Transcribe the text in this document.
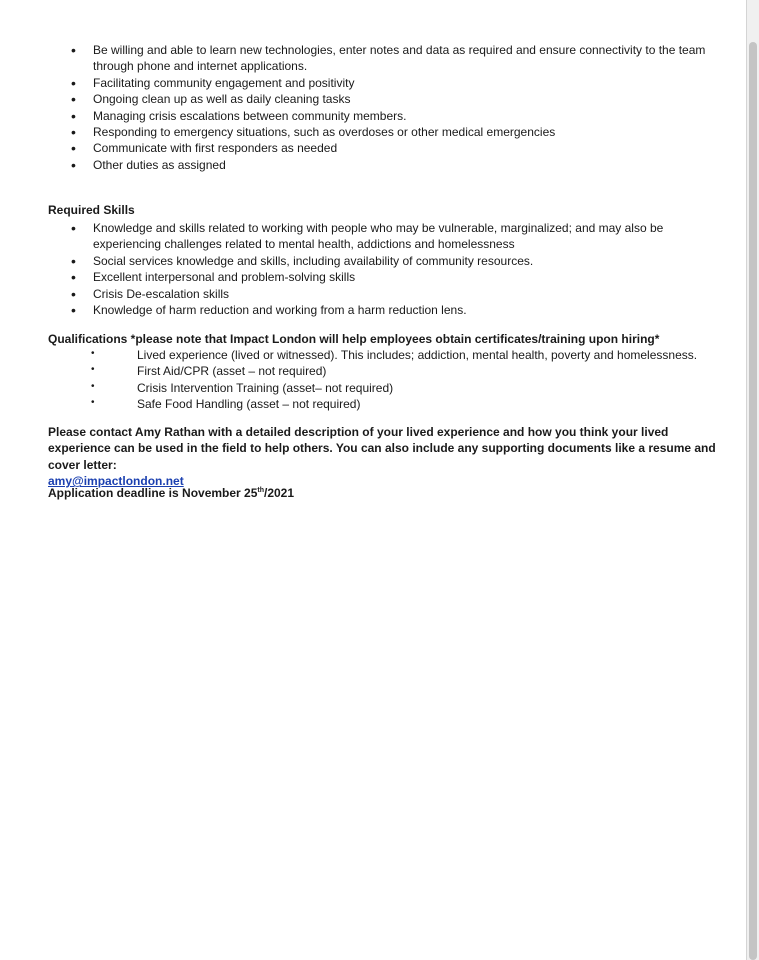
• Be willing and able to learn new technologies, enter notes and data as required and ensure connectivity to the team through phone and internet applications.
• Facilitating community engagement and positivity
• Ongoing clean up as well as daily cleaning tasks
• Managing crisis escalations between community members.
• Responding to emergency situations, such as overdoses or other medical emergencies
• Communicate with first responders as needed
• Other duties as assigned
Required Skills
• Knowledge and skills related to working with people who may be vulnerable, marginalized; and may also be experiencing challenges related to mental health, addictions and homelessness
• Social services knowledge and skills, including availability of community resources.
• Excellent interpersonal and problem-solving skills
• Crisis De-escalation skills
• Knowledge of harm reduction and working from a harm reduction lens.
Qualifications *please note that Impact London will help employees obtain certificates/training upon hiring*
•	Lived experience (lived or witnessed). This includes; addiction, mental health, poverty and homelessness.
•	First Aid/CPR (asset – not required)
•	Crisis Intervention Training (asset– not required)
•	Safe Food Handling (asset – not required)
Please contact Amy Rathan with a detailed description of your lived experience and how you think your lived experience can be used in the field to help others. You can also include any supporting documents like a resume and cover letter:
amy@impactlondon.net
Application deadline is November 25th/2021
